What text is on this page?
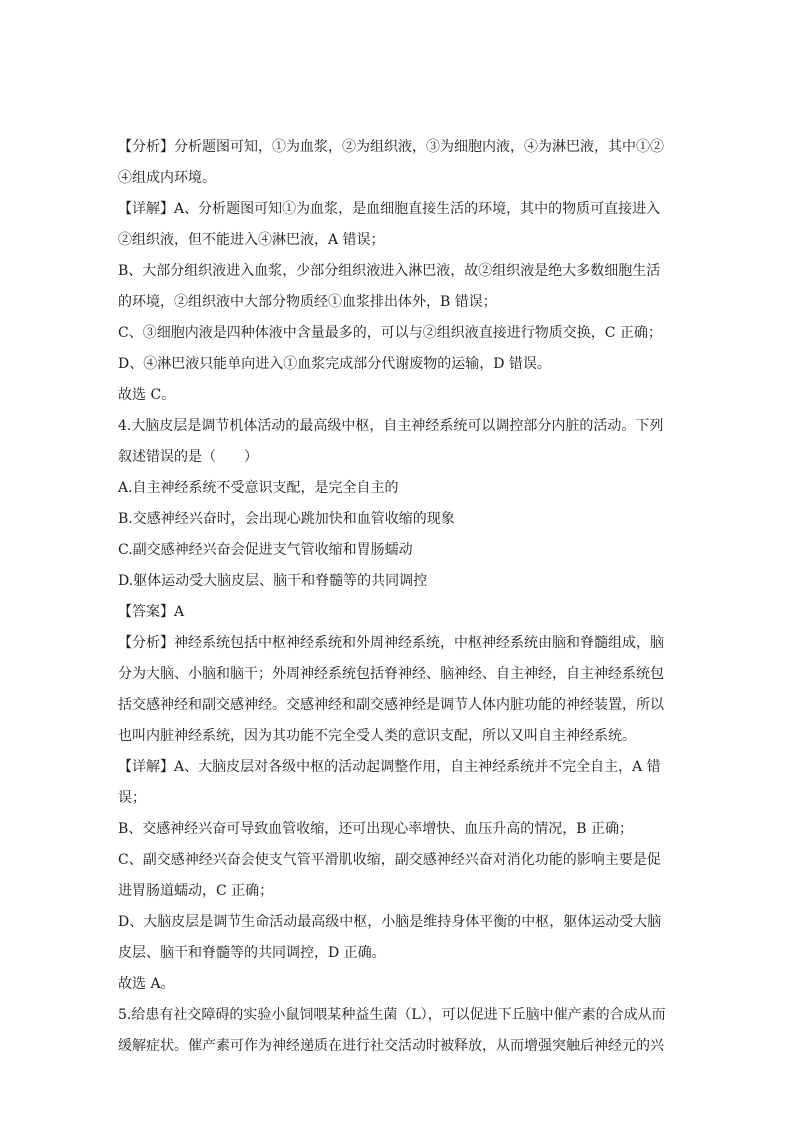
【分析】分析题图可知，①为血浆，②为组织液，③为细胞内液，④为淋巴液，其中①②
④组成内环境。
【详解】A、分析题图可知①为血浆，是血细胞直接生活的环境，其中的物质可直接进入
②组织液，但不能进入④淋巴液，A 错误；
B、大部分组织液进入血浆，少部分组织液进入淋巴液，故②组织液是绝大多数细胞生活
的环境，②组织液中大部分物质经①血浆排出体外，B 错误；
C、③细胞内液是四种体液中含量最多的，可以与②组织液直接进行物质交换，C 正确；
D、④淋巴液只能单向进入①血浆完成部分代谢废物的运输，D 错误。
故选 C。
4.大脑皮层是调节机体活动的最高级中枢，自主神经系统可以调控部分内脏的活动。下列
叙述错误的是（　　）
A.自主神经系统不受意识支配，是完全自主的
B.交感神经兴奋时，会出现心跳加快和血管收缩的现象
C.副交感神经兴奋会促进支气管收缩和胃肠蠕动
D.躯体运动受大脑皮层、脑干和脊髓等的共同调控
【答案】A
【分析】神经系统包括中枢神经系统和外周神经系统，中枢神经系统由脑和脊髓组成，脑
分为大脑、小脑和脑干；外周神经系统包括脊神经、脑神经、自主神经，自主神经系统包
括交感神经和副交感神经。交感神经和副交感神经是调节人体内脏功能的神经装置，所以
也叫内脏神经系统，因为其功能不完全受人类的意识支配，所以又叫自主神经系统。
【详解】A、大脑皮层对各级中枢的活动起调整作用，自主神经系统并不完全自主，A 错
误；
B、交感神经兴奋可导致血管收缩，还可出现心率增快、血压升高的情况，B 正确；
C、副交感神经兴奋会使支气管平滑肌收缩，副交感神经兴奋对消化功能的影响主要是促
进胃肠道蠕动，C 正确；
D、大脑皮层是调节生命活动最高级中枢，小脑是维持身体平衡的中枢，躯体运动受大脑
皮层、脑干和脊髓等的共同调控，D 正确。
故选 A。
5.给患有社交障碍的实验小鼠饲喂某种益生菌（L），可以促进下丘脑中催产素的合成从而
缓解症状。催产素可作为神经递质在进行社交活动时被释放，从而增强突触后神经元的兴
